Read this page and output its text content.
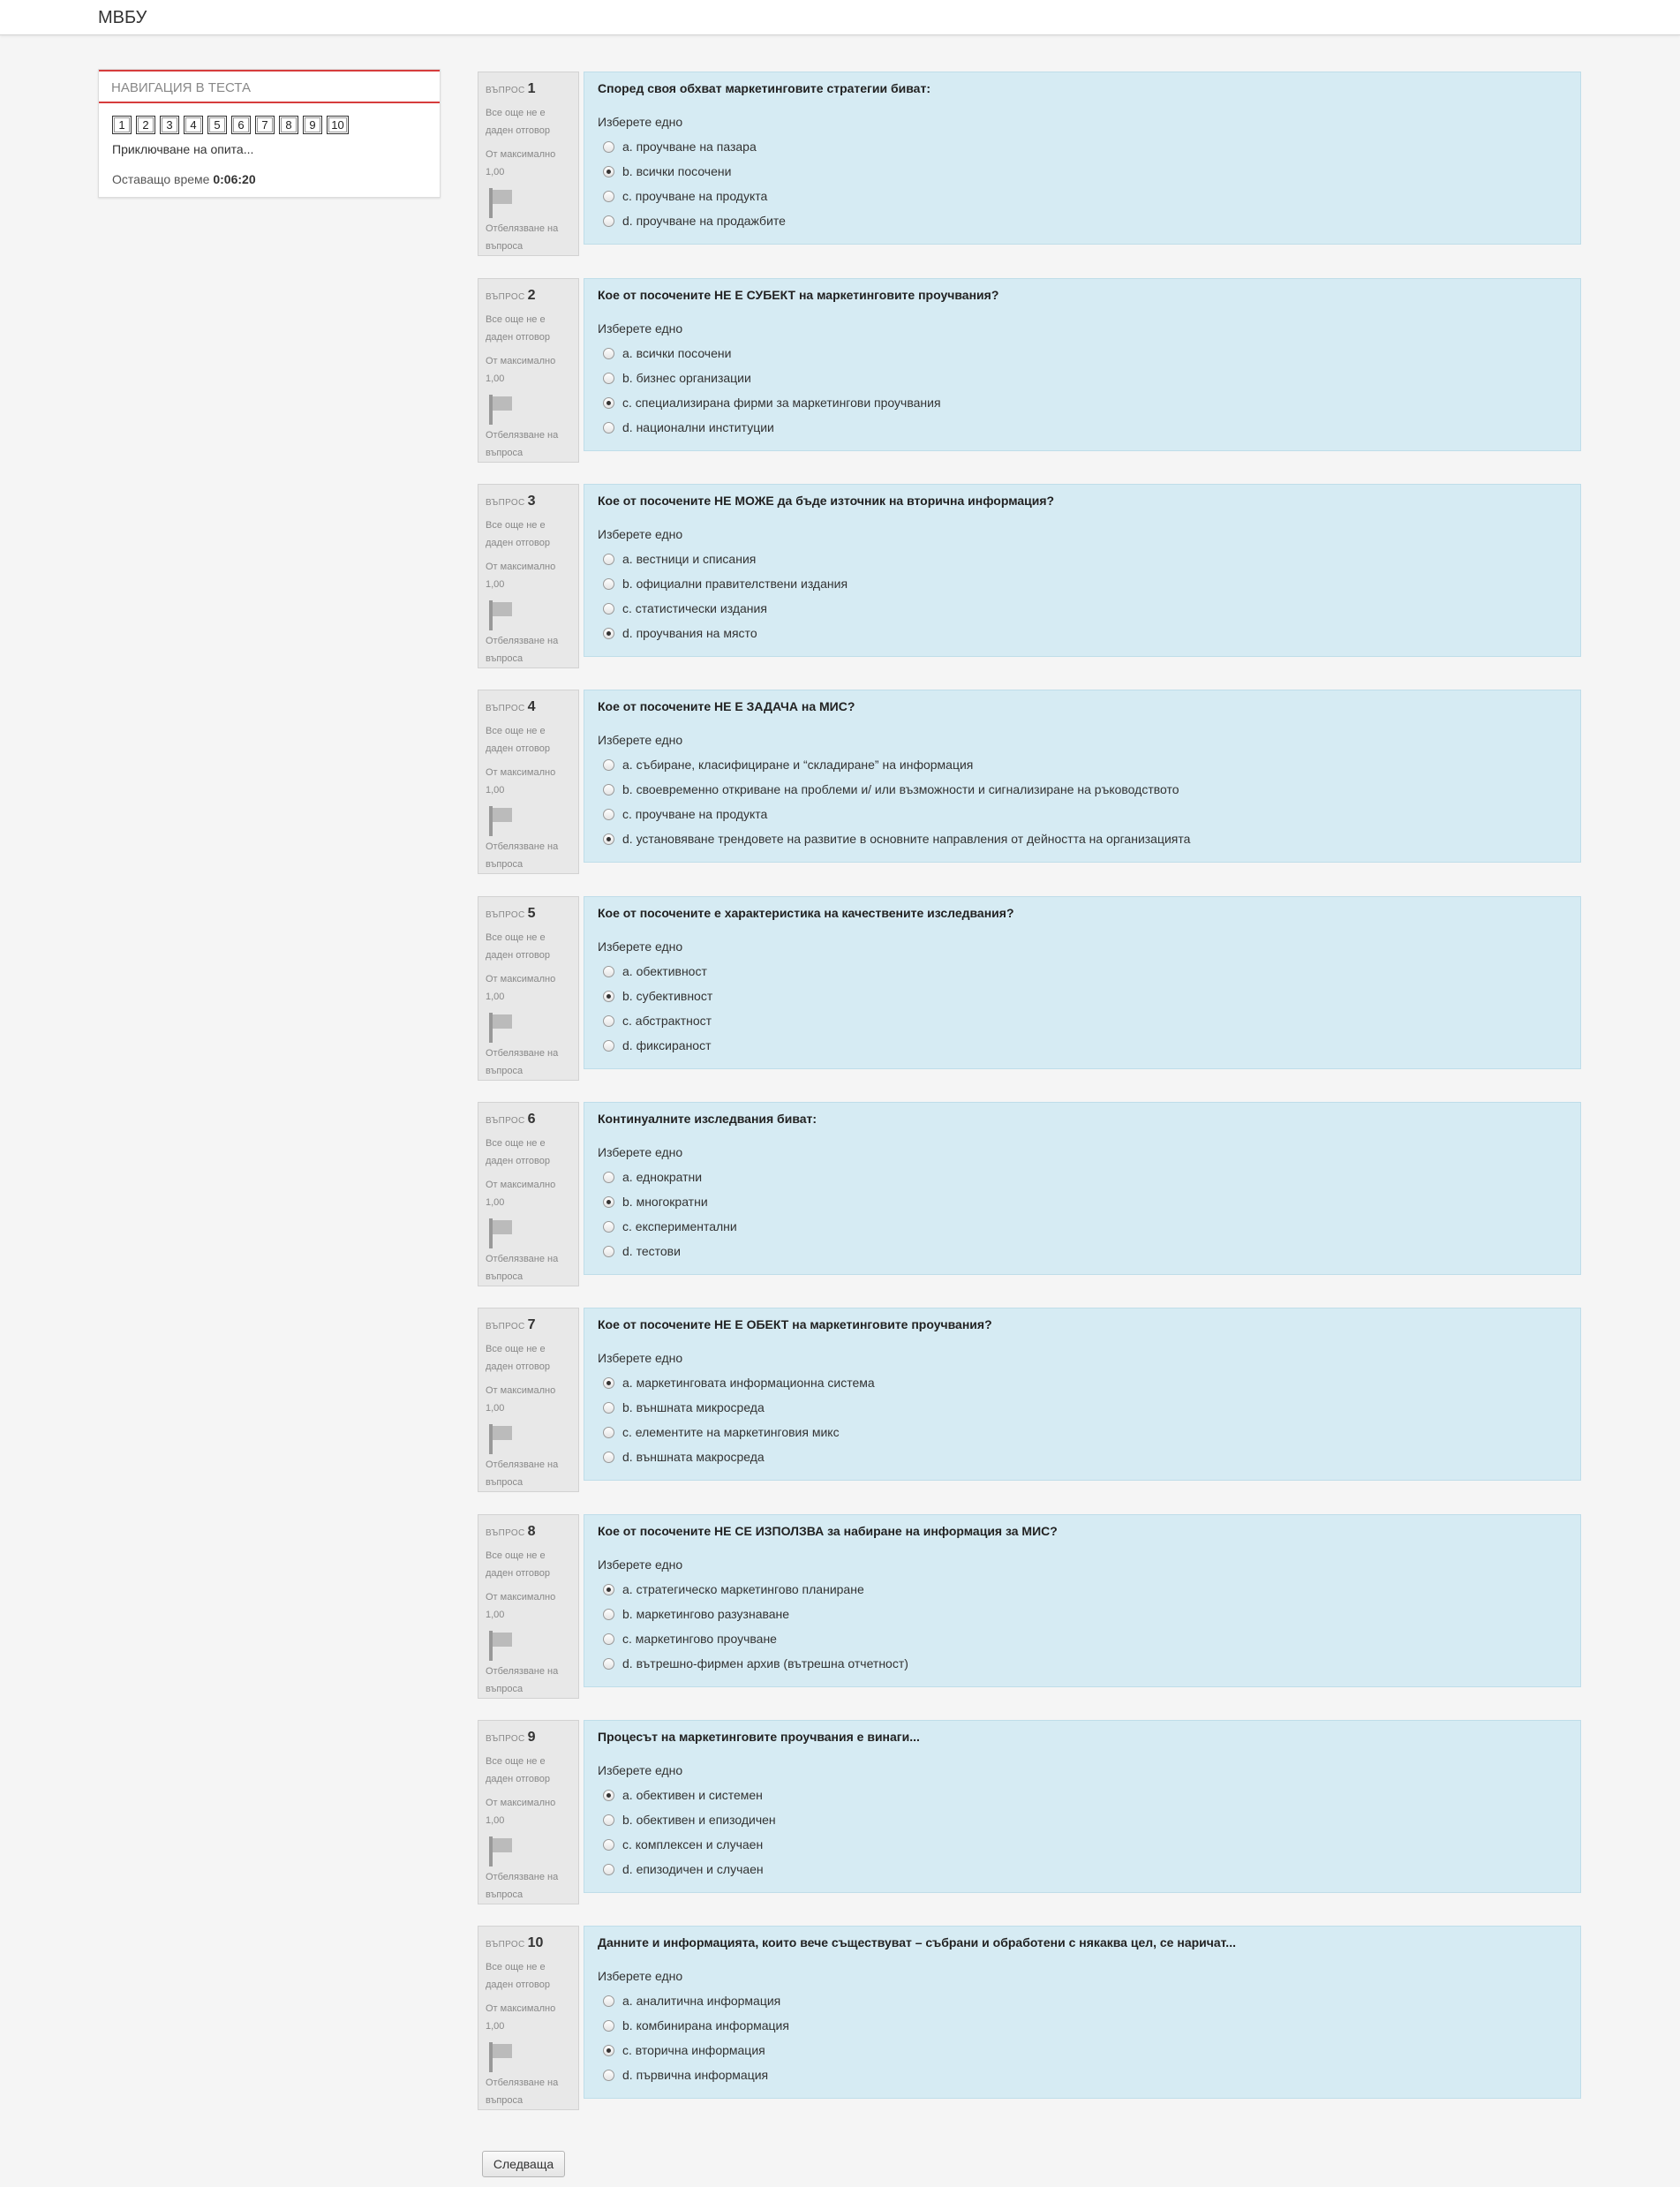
МВБУ
НАВИГАЦИЯ В ТЕСТА
1	2	3	4	5	6	7	8	9	10
Приключване на опита...
Оставащо време 0:06:20
ВЪПРОС 1
Все още не е даден отговор
От максимално 1,00
Отбелязване на въпроса
Според своя обхват маркетинговите стратегии биват:
Изберете едно
a. проучване на пазара
b. всички посочени
c. проучване на продукта
d. проучване на продажбите
ВЪПРОС 2
Все още не е даден отговор
От максимално 1,00
Отбелязване на въпроса
Кое от посочените НЕ Е СУБЕКТ на маркетинговите проучвания?
Изберете едно
a. всички посочени
b. бизнес организации
c. специализирана фирми за маркетингови проучвания
d. национални институции
ВЪПРОС 3
Все още не е даден отговор
От максимално 1,00
Отбелязване на въпроса
Кое от посочените НЕ МОЖЕ да бъде източник на вторична информация?
Изберете едно
a. вестници и списания
b. официални правителствени издания
c. статистически издания
d. проучвания на място
ВЪПРОС 4
Все още не е даден отговор
От максимално 1,00
Отбелязване на въпроса
Кое от посочените НЕ Е ЗАДАЧА на МИС?
Изберете едно
a. събиране, класифициране и “складиране” на информация
b. своевременно откриване на проблеми и/ или възможности и сигнализиране на ръководството
c. проучване на продукта
d. установяване трендовете на развитие в основните направления от дейността на организацията
ВЪПРОС 5
Все още не е даден отговор
От максимално 1,00
Отбелязване на въпроса
Кое от посочените е характеристика на качествените изследвания?
Изберете едно
a. обективност
b. субективност
c. абстрактност
d. фиксираност
ВЪПРОС 6
Все още не е даден отговор
От максимално 1,00
Отбелязване на въпроса
Континуалните изследвания биват:
Изберете едно
a. еднократни
b. многократни
c. експериментални
d. тестови
ВЪПРОС 7
Все още не е даден отговор
От максимално 1,00
Отбелязване на въпроса
Кое от посочените НЕ Е ОБЕКТ на маркетинговите проучвания?
Изберете едно
a. маркетинговата информационна система
b. външната микросреда
c. елементите на маркетинговия микс
d. външната макросреда
ВЪПРОС 8
Все още не е даден отговор
От максимално 1,00
Отбелязване на въпроса
Кое от посочените НЕ СЕ ИЗПОЛЗВА за набиране на информация за МИС?
Изберете едно
a. стратегическо маркетингово планиране
b. маркетингово разузнаване
c. маркетингово проучване
d. вътрешно-фирмен архив (вътрешна отчетност)
ВЪПРОС 9
Все още не е даден отговор
От максимално 1,00
Отбелязване на въпроса
Процесът на маркетинговите проучвания е винаги...
Изберете едно
a. обективен и системен
b. обективен и епизодичен
c. комплексен и случаен
d. епизодичен и случаен
ВЪПРОС 10
Все още не е даден отговор
От максимално 1,00
Отбелязване на въпроса
Данните и информацията, които вече съществуват – събрани и обработени с някаква цел, се наричат...
Изберете едно
a. аналитична информация
b. комбинирана информация
c. вторична информация
d. първична информация
Следваща
